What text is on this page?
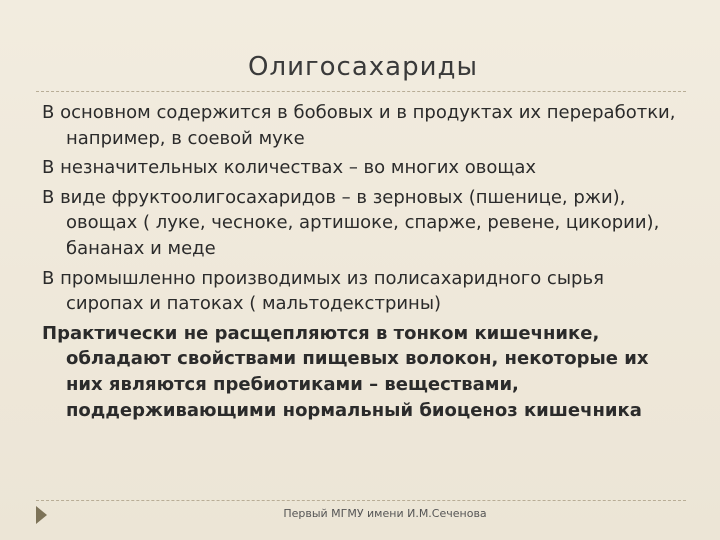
Олигосахариды

В основном содержится в бобовых и в продуктах их переработки, например, в соевой муке

В незначительных количествах – во многих овощах

В виде фруктоолигосахаридов – в зерновых (пшенице, ржи), овощах ( луке, чесноке, артишоке, спарже, ревене, цикории), бананах и меде

В промышленно производимых из полисахаридного сырья сиропах и патоках ( мальтодекстрины)

Практически не расщепляются в тонком кишечнике, обладают свойствами пищевых волокон, некоторые их них являются пребиотиками – веществами, поддерживающими нормальный биоценоз кишечника

Первый МГМУ имени И.М.Сеченова
